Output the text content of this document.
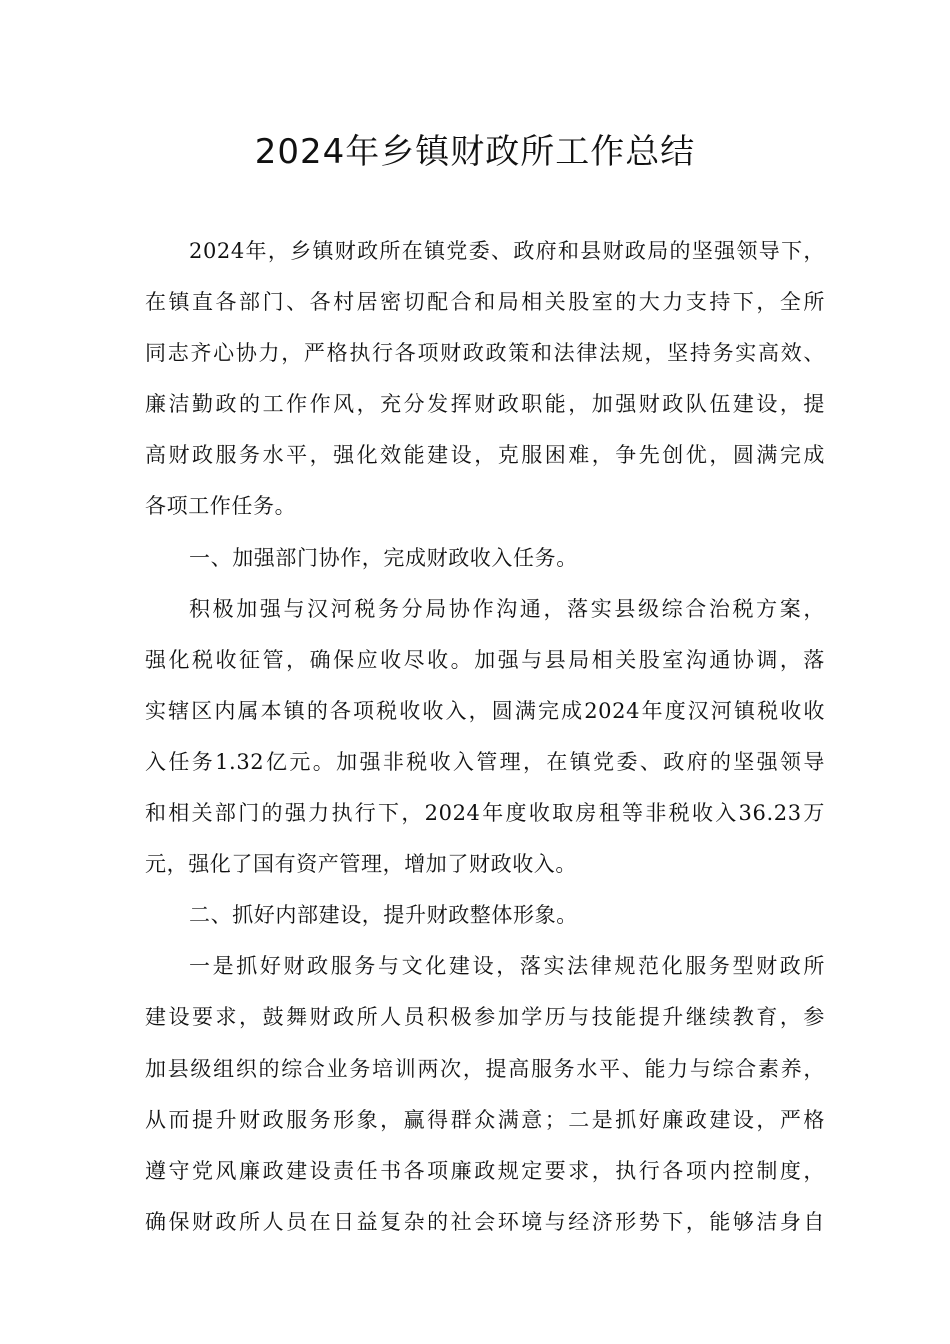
2024年乡镇财政所工作总结
2024年，乡镇财政所在镇党委、政府和县财政局的坚强领导下，
在镇直各部门、各村居密切配合和局相关股室的大力支持下，全所
同志齐心协力，严格执行各项财政政策和法律法规，坚持务实高效、
廉洁勤政的工作作风，充分发挥财政职能，加强财政队伍建设，提
高财政服务水平，强化效能建设，克服困难，争先创优，圆满完成
各项工作任务。
一、加强部门协作，完成财政收入任务。
积极加强与汉河税务分局协作沟通，落实县级综合治税方案，
强化税收征管，确保应收尽收。加强与县局相关股室沟通协调，落
实辖区内属本镇的各项税收收入，圆满完成2024年度汉河镇税收收
入任务1.32亿元。加强非税收入管理，在镇党委、政府的坚强领导
和相关部门的强力执行下，2024年度收取房租等非税收入36.23万
元，强化了国有资产管理，增加了财政收入。
二、抓好内部建设，提升财政整体形象。
一是抓好财政服务与文化建设，落实法律规范化服务型财政所
建设要求，鼓舞财政所人员积极参加学历与技能提升继续教育，参
加县级组织的综合业务培训两次，提高服务水平、能力与综合素养，
从而提升财政服务形象，赢得群众满意；二是抓好廉政建设，严格
遵守党风廉政建设责任书各项廉政规定要求，执行各项内控制度，
确保财政所人员在日益复杂的社会环境与经济形势下，能够洁身自
